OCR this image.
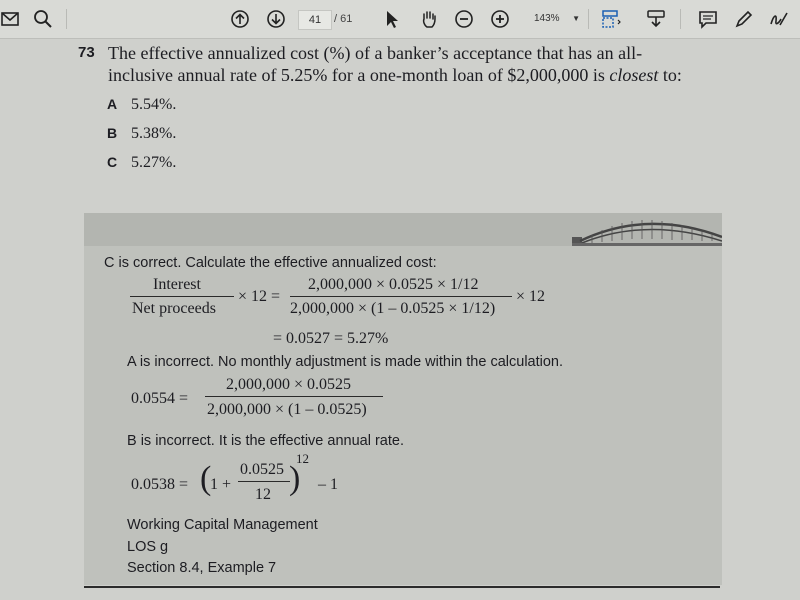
41	/ 61	143% ▼
73 The effective annualized cost (%) of a banker’s acceptance that has an all-
inclusive annual rate of 5.25% for a one-month loan of $2,000,000 is closest to:
A 5.54%.
B 5.38%.
C 5.27%.
C is correct. Calculate the effective annualized cost:
Interest
Net proceeds
× 12 =
2,000,000 × 0.0525 × 1/12
2,000,000 × (1 – 0.0525 × 1/12)
× 12
= 0.0527 = 5.27%
A is incorrect. No monthly adjustment is made within the calculation.
0.0554 =
2,000,000 × 0.0525
2,000,000 × (1 – 0.0525)
B is incorrect. It is the effective annual rate.
0.0538 = (
1 +
0.0525
12 )
12
– 1
Working Capital Management
LOS g
Section 8.4, Example 7
